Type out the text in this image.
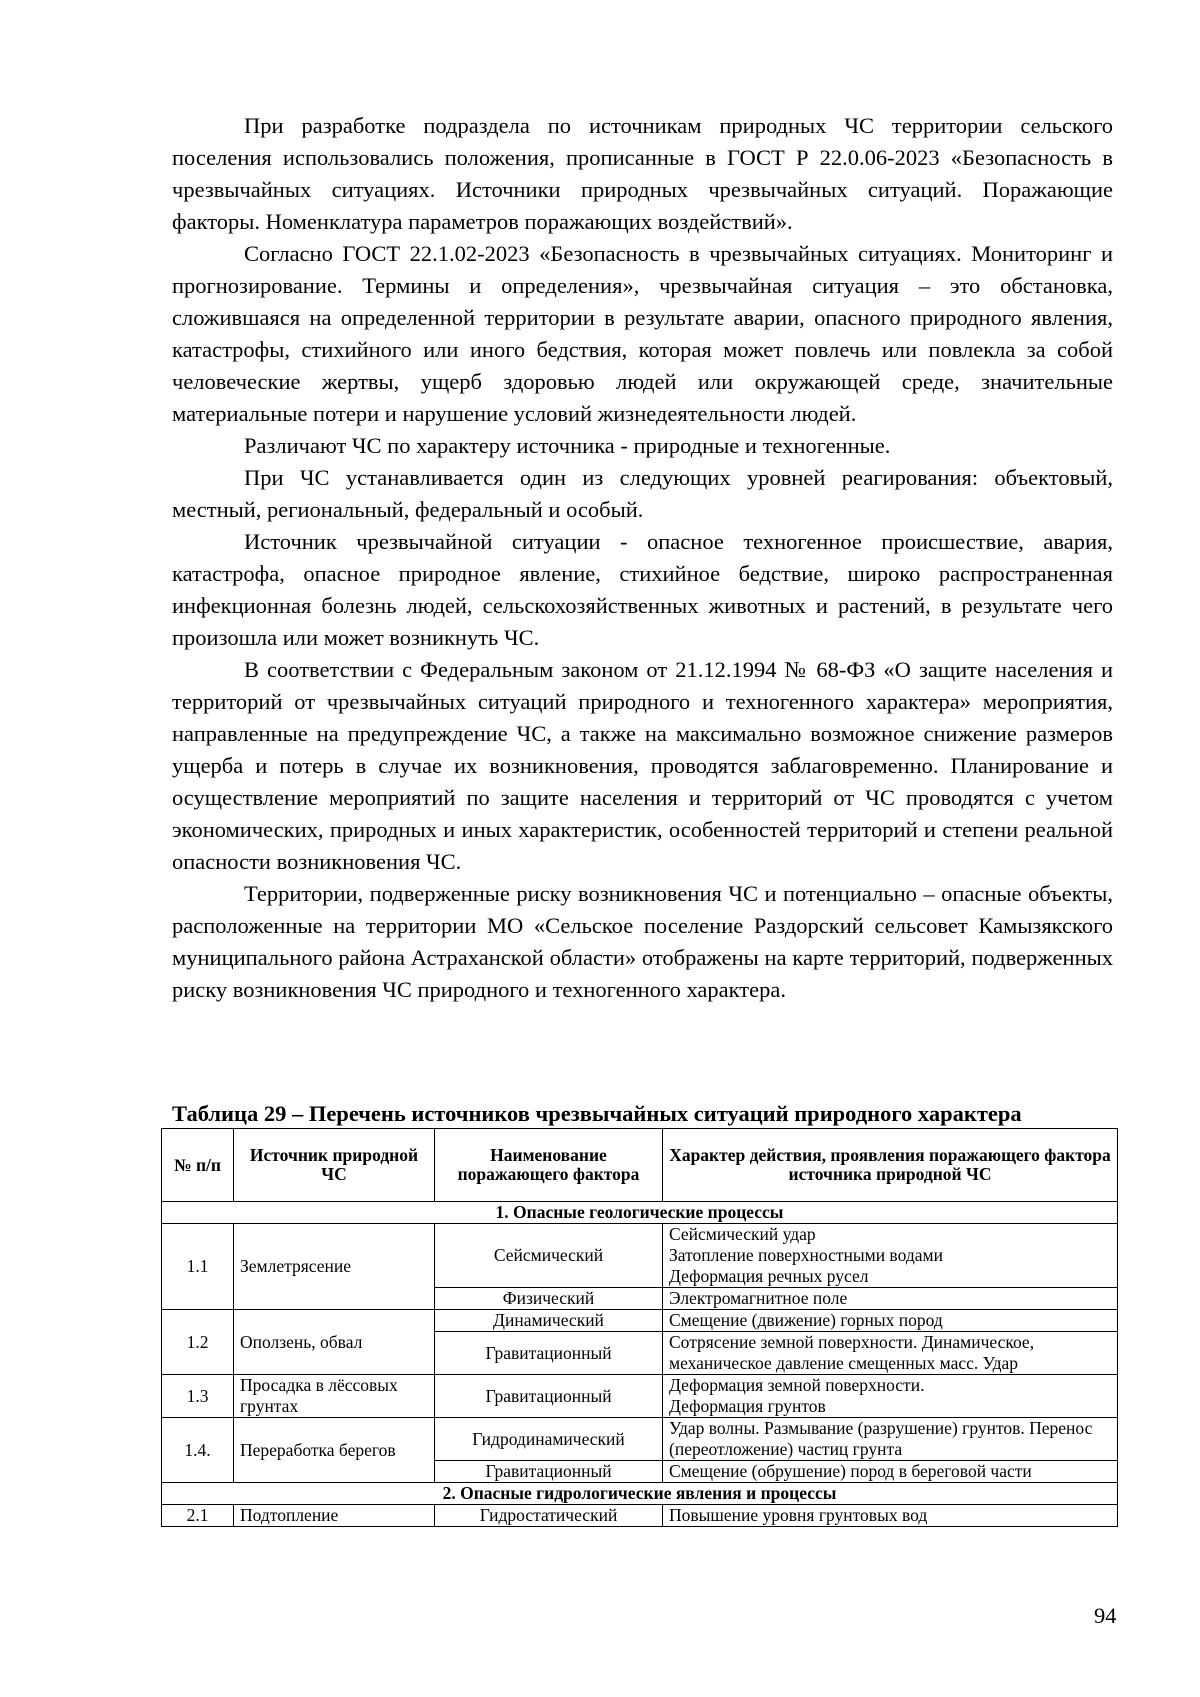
При разработке подраздела по источникам природных ЧС территории сельского поселения использовались положения, прописанные в ГОСТ Р 22.0.06-2023 «Безопасность в чрезвычайных ситуациях. Источники природных чрезвычайных ситуаций. Поражающие факторы. Номенклатура параметров поражающих воздействий».

Согласно ГОСТ 22.1.02-2023 «Безопасность в чрезвычайных ситуациях. Мониторинг и прогнозирование. Термины и определения», чрезвычайная ситуация – это обстановка, сложившаяся на определенной территории в результате аварии, опасного природного явления, катастрофы, стихийного или иного бедствия, которая может повлечь или повлекла за собой человеческие жертвы, ущерб здоровью людей или окружающей среде, значительные материальные потери и нарушение условий жизнедеятельности людей.

Различают ЧС по характеру источника - природные и техногенные.

При ЧС устанавливается один из следующих уровней реагирования: объектовый, местный, региональный, федеральный и особый.

Источник чрезвычайной ситуации - опасное техногенное происшествие, авария, катастрофа, опасное природное явление, стихийное бедствие, широко распространенная инфекционная болезнь людей, сельскохозяйственных животных и растений, в результате чего произошла или может возникнуть ЧС.

В соответствии с Федеральным законом от 21.12.1994 № 68-ФЗ «О защите населения и территорий от чрезвычайных ситуаций природного и техногенного характера» мероприятия, направленные на предупреждение ЧС, а также на максимально возможное снижение размеров ущерба и потерь в случае их возникновения, проводятся заблаговременно. Планирование и осуществление мероприятий по защите населения и территорий от ЧС проводятся с учетом экономических, природных и иных характеристик, особенностей территорий и степени реальной опасности возникновения ЧС.

Территории, подверженные риску возникновения ЧС и потенциально – опасные объекты, расположенные на территории МО «Сельское поселение Раздорский сельсовет Камызякского муниципального района Астраханской области» отображены на карте территорий, подверженных риску возникновения ЧС природного и техногенного характера.

Таблица 29 – Перечень источников чрезвычайных ситуаций природного характера
№ п/п	Источник природной ЧС	Наименование поражающего фактора	Характер действия, проявления поражающего фактора источника природной ЧС
1. Опасные геологические процессы			
1.1	Землетрясение	Сейсмический	Сейсмический удар
Затопление поверхностными водами
Деформация речных русел

		Физический	Электромагнитное поле
1.2	Оползень, обвал	Динамический	Смещение (движение) горных пород
		Гравитационный	Сотрясение земной поверхности. Динамическое, механическое давление смещенных масс. Удар
1.3	Просадка в лёссовых грунтах	Гравитационный	Деформация земной поверхности.
Деформация грунтов

1.4.	Переработка берегов	Гидродинамический	Удар волны. Размывание (разрушение) грунтов. Перенос (переотложение) частиц грунта
		Гравитационный	Смещение (обрушение) пород в береговой части
2. Опасные гидрологические явления и процессы			
2.1	Подтопление	Гидростатический	Повышение уровня грунтовых вод
94
